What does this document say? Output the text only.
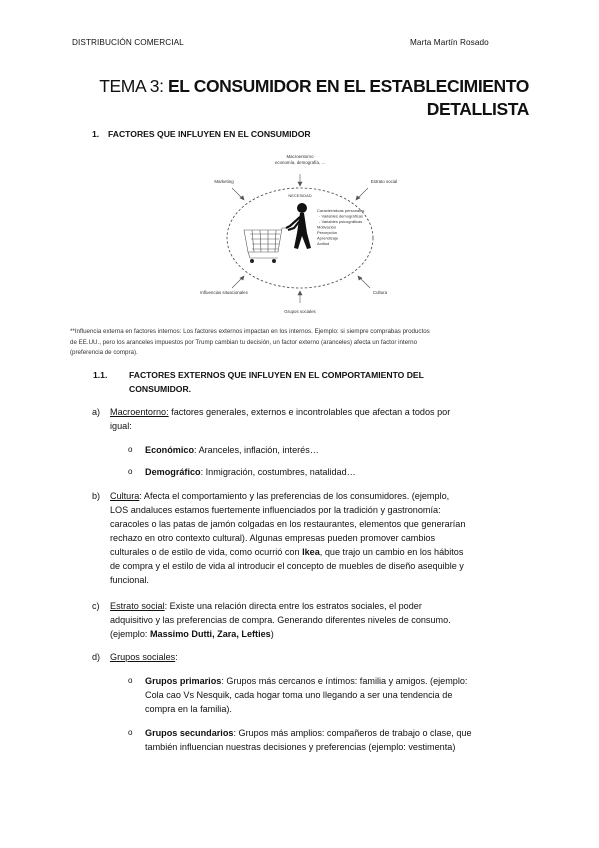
DISTRIBUCIÓN COMERCIAL	Marta Martín Rosado
TEMA 3: EL CONSUMIDOR EN EL ESTABLECIMIENTO
DETALLISTA
1. FACTORES QUE INFLUYEN EN EL CONSUMIDOR
Macroentorno
economía, demografía, ...
Marketing	Estrato social
NECESIDAD
Características personales
- Variables demográficas
- Variables psicográficas
Motivación
Percepción
Aprendizaje
Actitud
Influencias situacionales	Cultura
Grupos sociales
**Influencia externa en factores internos: Los factores externos impactan en los internos. Ejemplo: si siempre comprabas productos
de EE.UU., pero los aranceles impuestos por Trump cambian tu decisión, un factor externo (aranceles) afecta un factor interno
(preferencia de compra).
1.1.	FACTORES EXTERNOS QUE INFLUYEN EN EL COMPORTAMIENTO DEL
CONSUMIDOR.
a) Macroentorno: factores generales, externos e incontrolables que afectan a todos por
igual:
o Económico: Aranceles, inflación, interés…
o Demográfico: Inmigración, costumbres, natalidad…
b) Cultura: Afecta el comportamiento y las preferencias de los consumidores. (ejemplo,
LOS andaluces estamos fuertemente influenciados por la tradición y gastronomía:
caracoles o las patas de jamón colgadas en los restaurantes, elementos que generarían
rechazo en otro contexto cultural). Algunas empresas pueden promover cambios
culturales o de estilo de vida, como ocurrió con Ikea, que trajo un cambio en los hábitos
de compra y el estilo de vida al introducir el concepto de muebles de diseño asequible y
funcional.
c) Estrato social: Existe una relación directa entre los estratos sociales, el poder
adquisitivo y las preferencias de compra. Generando diferentes niveles de consumo.
(ejemplo: Massimo Dutti, Zara, Lefties)
d) Grupos sociales:
o Grupos primarios: Grupos más cercanos e íntimos: familia y amigos. (ejemplo:
Cola cao Vs Nesquik, cada hogar toma uno llegando a ser una tendencia de
compra en la familia).
o Grupos secundarios: Grupos más amplios: compañeros de trabajo o clase, que
también influencian nuestras decisiones y preferencias (ejemplo: vestimenta)
